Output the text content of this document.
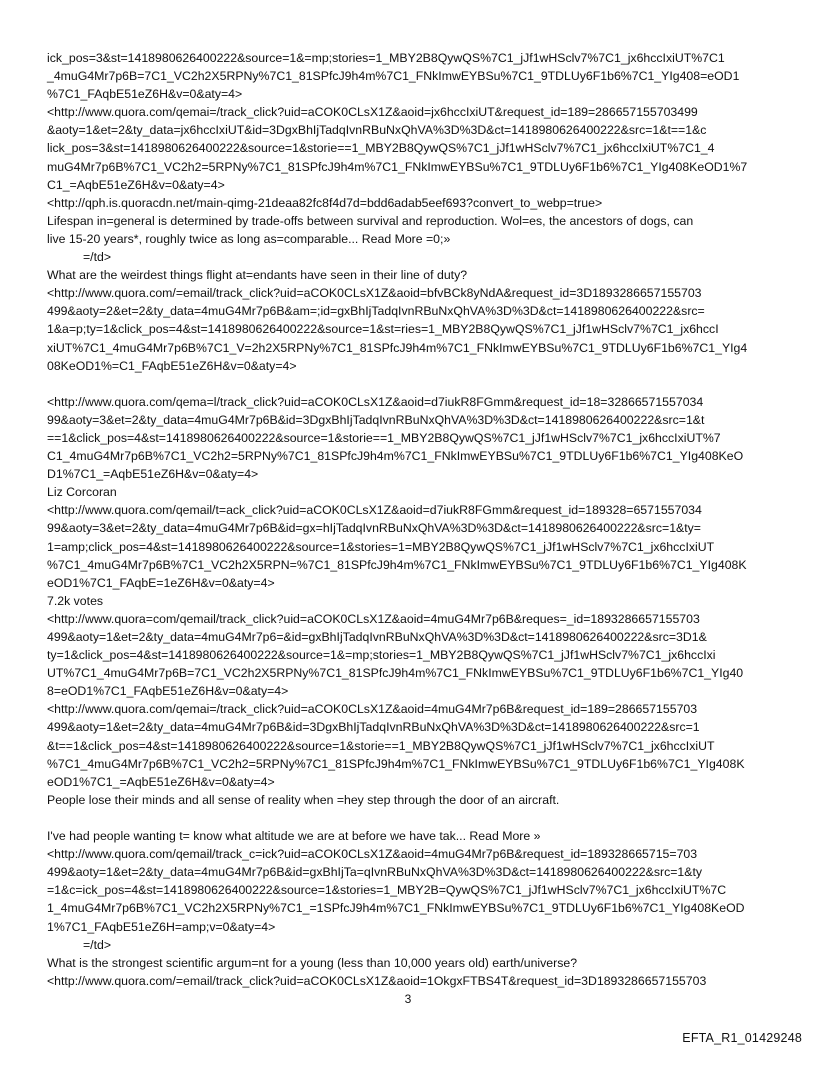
ick_pos=3&st=1418980626400222&source=1&=mp;stories=1_MBY2B8QywQS%7C1_jJf1wHSclv7%7C1_jx6hccIxiUT%7C1
_4muG4Mr7p6B=7C1_VC2h2X5RPNy%7C1_81SPfcJ9h4m%7C1_FNkImwEYBSu%7C1_9TDLUy6F1b6%7C1_YIg408=eOD1
%7C1_FAqbE51eZ6H&v=0&aty=4>
<http://www.quora.com/qemai=/track_click?uid=aCOK0CLsX1Z&aoid=jx6hccIxiUT&request_id=189=286657155703499
&aoty=1&et=2&ty_data=jx6hccIxiUT&id=3DgxBhIjTadqIvnRBuNxQhVA%3D%3D&ct=1418980626400222&src=1&t==1&c
lick_pos=3&st=1418980626400222&source=1&storie==1_MBY2B8QywQS%7C1_jJf1wHSclv7%7C1_jx6hccIxiUT%7C1_4
muG4Mr7p6B%7C1_VC2h2=5RPNy%7C1_81SPfcJ9h4m%7C1_FNkImwEYBSu%7C1_9TDLUy6F1b6%7C1_YIg408KeOD1%7
C1_=AqbE51eZ6H&v=0&aty=4>
<http://qph.is.quoracdn.net/main-qimg-21deaa82fc8f4d7d=bdd6adab5eef693?convert_to_webp=true>
Lifespan in=general is determined by trade-offs between survival and reproduction. Wol=es, the ancestors of dogs, can
live 15-20 years*, roughly twice as long as=comparable... Read More =0;»
=/td>
What are the weirdest things flight at=endants have seen in their line of duty?
<http://www.quora.com/=email/track_click?uid=aCOK0CLsX1Z&aoid=bfvBCk8yNdA&request_id=3D1893286657155703
499&aoty=2&et=2&ty_data=4muG4Mr7p6B&am=;id=gxBhIjTadqIvnRBuNxQhVA%3D%3D&ct=1418980626400222&src=
1&a=p;ty=1&click_pos=4&st=1418980626400222&source=1&st=ries=1_MBY2B8QywQS%7C1_jJf1wHSclv7%7C1_jx6hccI
xiUT%7C1_4muG4Mr7p6B%7C1_V=2h2X5RPNy%7C1_81SPfcJ9h4m%7C1_FNkImwEYBSu%7C1_9TDLUy6F1b6%7C1_YIg4
08KeOD1%=C1_FAqbE51eZ6H&v=0&aty=4>
<http://www.quora.com/qema=l/track_click?uid=aCOK0CLsX1Z&aoid=d7iukR8FGmm&request_id=18=32866571557034
99&aoty=3&et=2&ty_data=4muG4Mr7p6B&id=3DgxBhIjTadqIvnRBuNxQhVA%3D%3D&ct=1418980626400222&src=1&t
==1&click_pos=4&st=1418980626400222&source=1&storie==1_MBY2B8QywQS%7C1_jJf1wHSclv7%7C1_jx6hccIxiUT%7
C1_4muG4Mr7p6B%7C1_VC2h2=5RPNy%7C1_81SPfcJ9h4m%7C1_FNkImwEYBSu%7C1_9TDLUy6F1b6%7C1_YIg408KeO
D1%7C1_=AqbE51eZ6H&v=0&aty=4>
Liz Corcoran
<http://www.quora.com/qemail/t=ack_click?uid=aCOK0CLsX1Z&aoid=d7iukR8FGmm&request_id=189328=6571557034
99&aoty=3&et=2&ty_data=4muG4Mr7p6B&id=gx=hIjTadqIvnRBuNxQhVA%3D%3D&ct=1418980626400222&src=1&ty=
1=amp;click_pos=4&st=1418980626400222&source=1&stories=1=MBY2B8QywQS%7C1_jJf1wHSclv7%7C1_jx6hccIxiUT
%7C1_4muG4Mr7p6B%7C1_VC2h2X5RPN=%7C1_81SPfcJ9h4m%7C1_FNkImwEYBSu%7C1_9TDLUy6F1b6%7C1_YIg408K
eOD1%7C1_FAqbE=1eZ6H&v=0&aty=4>
7.2k votes
<http://www.quora=com/qemail/track_click?uid=aCOK0CLsX1Z&aoid=4muG4Mr7p6B&reques=_id=1893286657155703
499&aoty=1&et=2&ty_data=4muG4Mr7p6=&id=gxBhIjTadqIvnRBuNxQhVA%3D%3D&ct=1418980626400222&src=3D1&
ty=1&click_pos=4&st=1418980626400222&source=1&=mp;stories=1_MBY2B8QywQS%7C1_jJf1wHSclv7%7C1_jx6hccIxi
UT%7C1_4muG4Mr7p6B=7C1_VC2h2X5RPNy%7C1_81SPfcJ9h4m%7C1_FNkImwEYBSu%7C1_9TDLUy6F1b6%7C1_YIg40
8=eOD1%7C1_FAqbE51eZ6H&v=0&aty=4>
<http://www.quora.com/qemai=/track_click?uid=aCOK0CLsX1Z&aoid=4muG4Mr7p6B&request_id=189=286657155703
499&aoty=1&et=2&ty_data=4muG4Mr7p6B&id=3DgxBhIjTadqIvnRBuNxQhVA%3D%3D&ct=1418980626400222&src=1
&t==1&click_pos=4&st=1418980626400222&source=1&storie==1_MBY2B8QywQS%7C1_jJf1wHSclv7%7C1_jx6hccIxiUT
%7C1_4muG4Mr7p6B%7C1_VC2h2=5RPNy%7C1_81SPfcJ9h4m%7C1_FNkImwEYBSu%7C1_9TDLUy6F1b6%7C1_YIg408K
eOD1%7C1_=AqbE51eZ6H&v=0&aty=4>
People lose their minds and all sense of reality when =hey step through the door of an aircraft.
I've had people wanting t= know what altitude we are at before we have tak... Read More »
<http://www.quora.com/qemail/track_c=ick?uid=aCOK0CLsX1Z&aoid=4muG4Mr7p6B&request_id=189328665715=703
499&aoty=1&et=2&ty_data=4muG4Mr7p6B&id=gxBhIjTa=qIvnRBuNxQhVA%3D%3D&ct=1418980626400222&src=1&ty
=1&c=ick_pos=4&st=1418980626400222&source=1&stories=1_MBY2B=QywQS%7C1_jJf1wHSclv7%7C1_jx6hccIxiUT%7C
1_4muG4Mr7p6B%7C1_VC2h2X5RPNy%7C1_=1SPfcJ9h4m%7C1_FNkImwEYBSu%7C1_9TDLUy6F1b6%7C1_YIg408KeOD
1%7C1_FAqbE51eZ6H=amp;v=0&aty=4>
=/td>
What is the strongest scientific argum=nt for a young (less than 10,000 years old) earth/universe?
<http://www.quora.com/=email/track_click?uid=aCOK0CLsX1Z&aoid=1OkgxFTBS4T&request_id=3D1893286657155703
3
EFTA_R1_01429248
